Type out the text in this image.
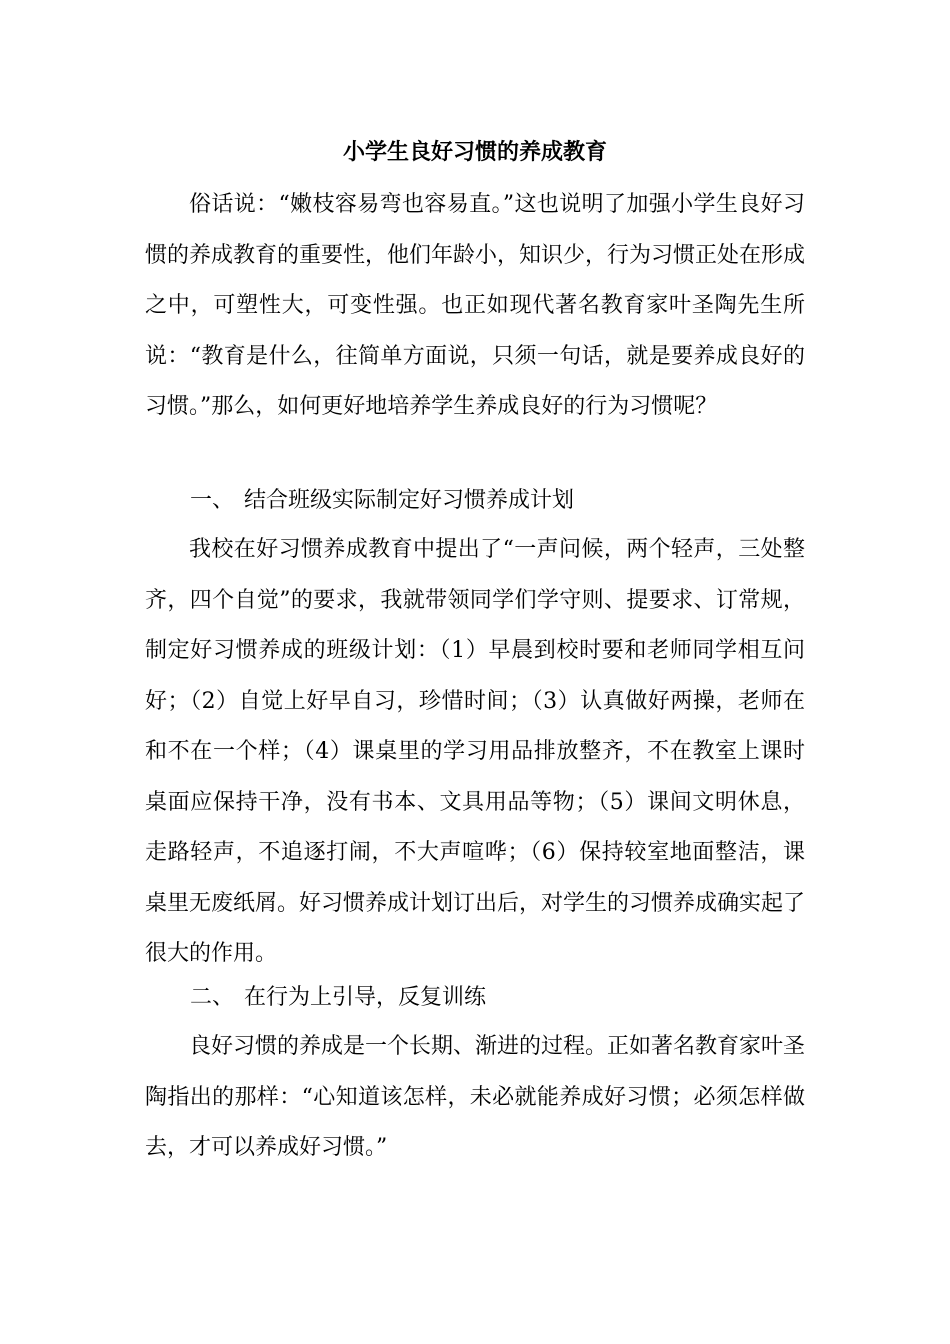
小学生良好习惯的养成教育

俗话说：“嫩枝容易弯也容易直。”这也说明了加强小学生良好习惯的养成教育的重要性，他们年龄小，知识少，行为习惯正处在形成之中，可塑性大，可变性强。也正如现代著名教育家叶圣陶先生所说：“教育是什么，往简单方面说，只须一句话，就是要养成良好的习惯。”那么，如何更好地培养学生养成良好的行为习惯呢？

一、 结合班级实际制定好习惯养成计划

我校在好习惯养成教育中提出了“一声问候，两个轻声，三处整齐，四个自觉”的要求，我就带领同学们学守则、提要求、订常规，制定好习惯养成的班级计划：（1）早晨到校时要和老师同学相互问好；（2）自觉上好早自习，珍惜时间；（3）认真做好两操，老师在和不在一个样；（4）课桌里的学习用品排放整齐，不在教室上课时桌面应保持干净，没有书本、文具用品等物；（5）课间文明休息，走路轻声，不追逐打闹，不大声喧哗；（6）保持较室地面整洁，课桌里无废纸屑。好习惯养成计划订出后，对学生的习惯养成确实起了很大的作用。

二、 在行为上引导，反复训练

良好习惯的养成是一个长期、渐进的过程。正如著名教育家叶圣陶指出的那样：“心知道该怎样，未必就能养成好习惯；必须怎样做去，才可以养成好习惯。”
